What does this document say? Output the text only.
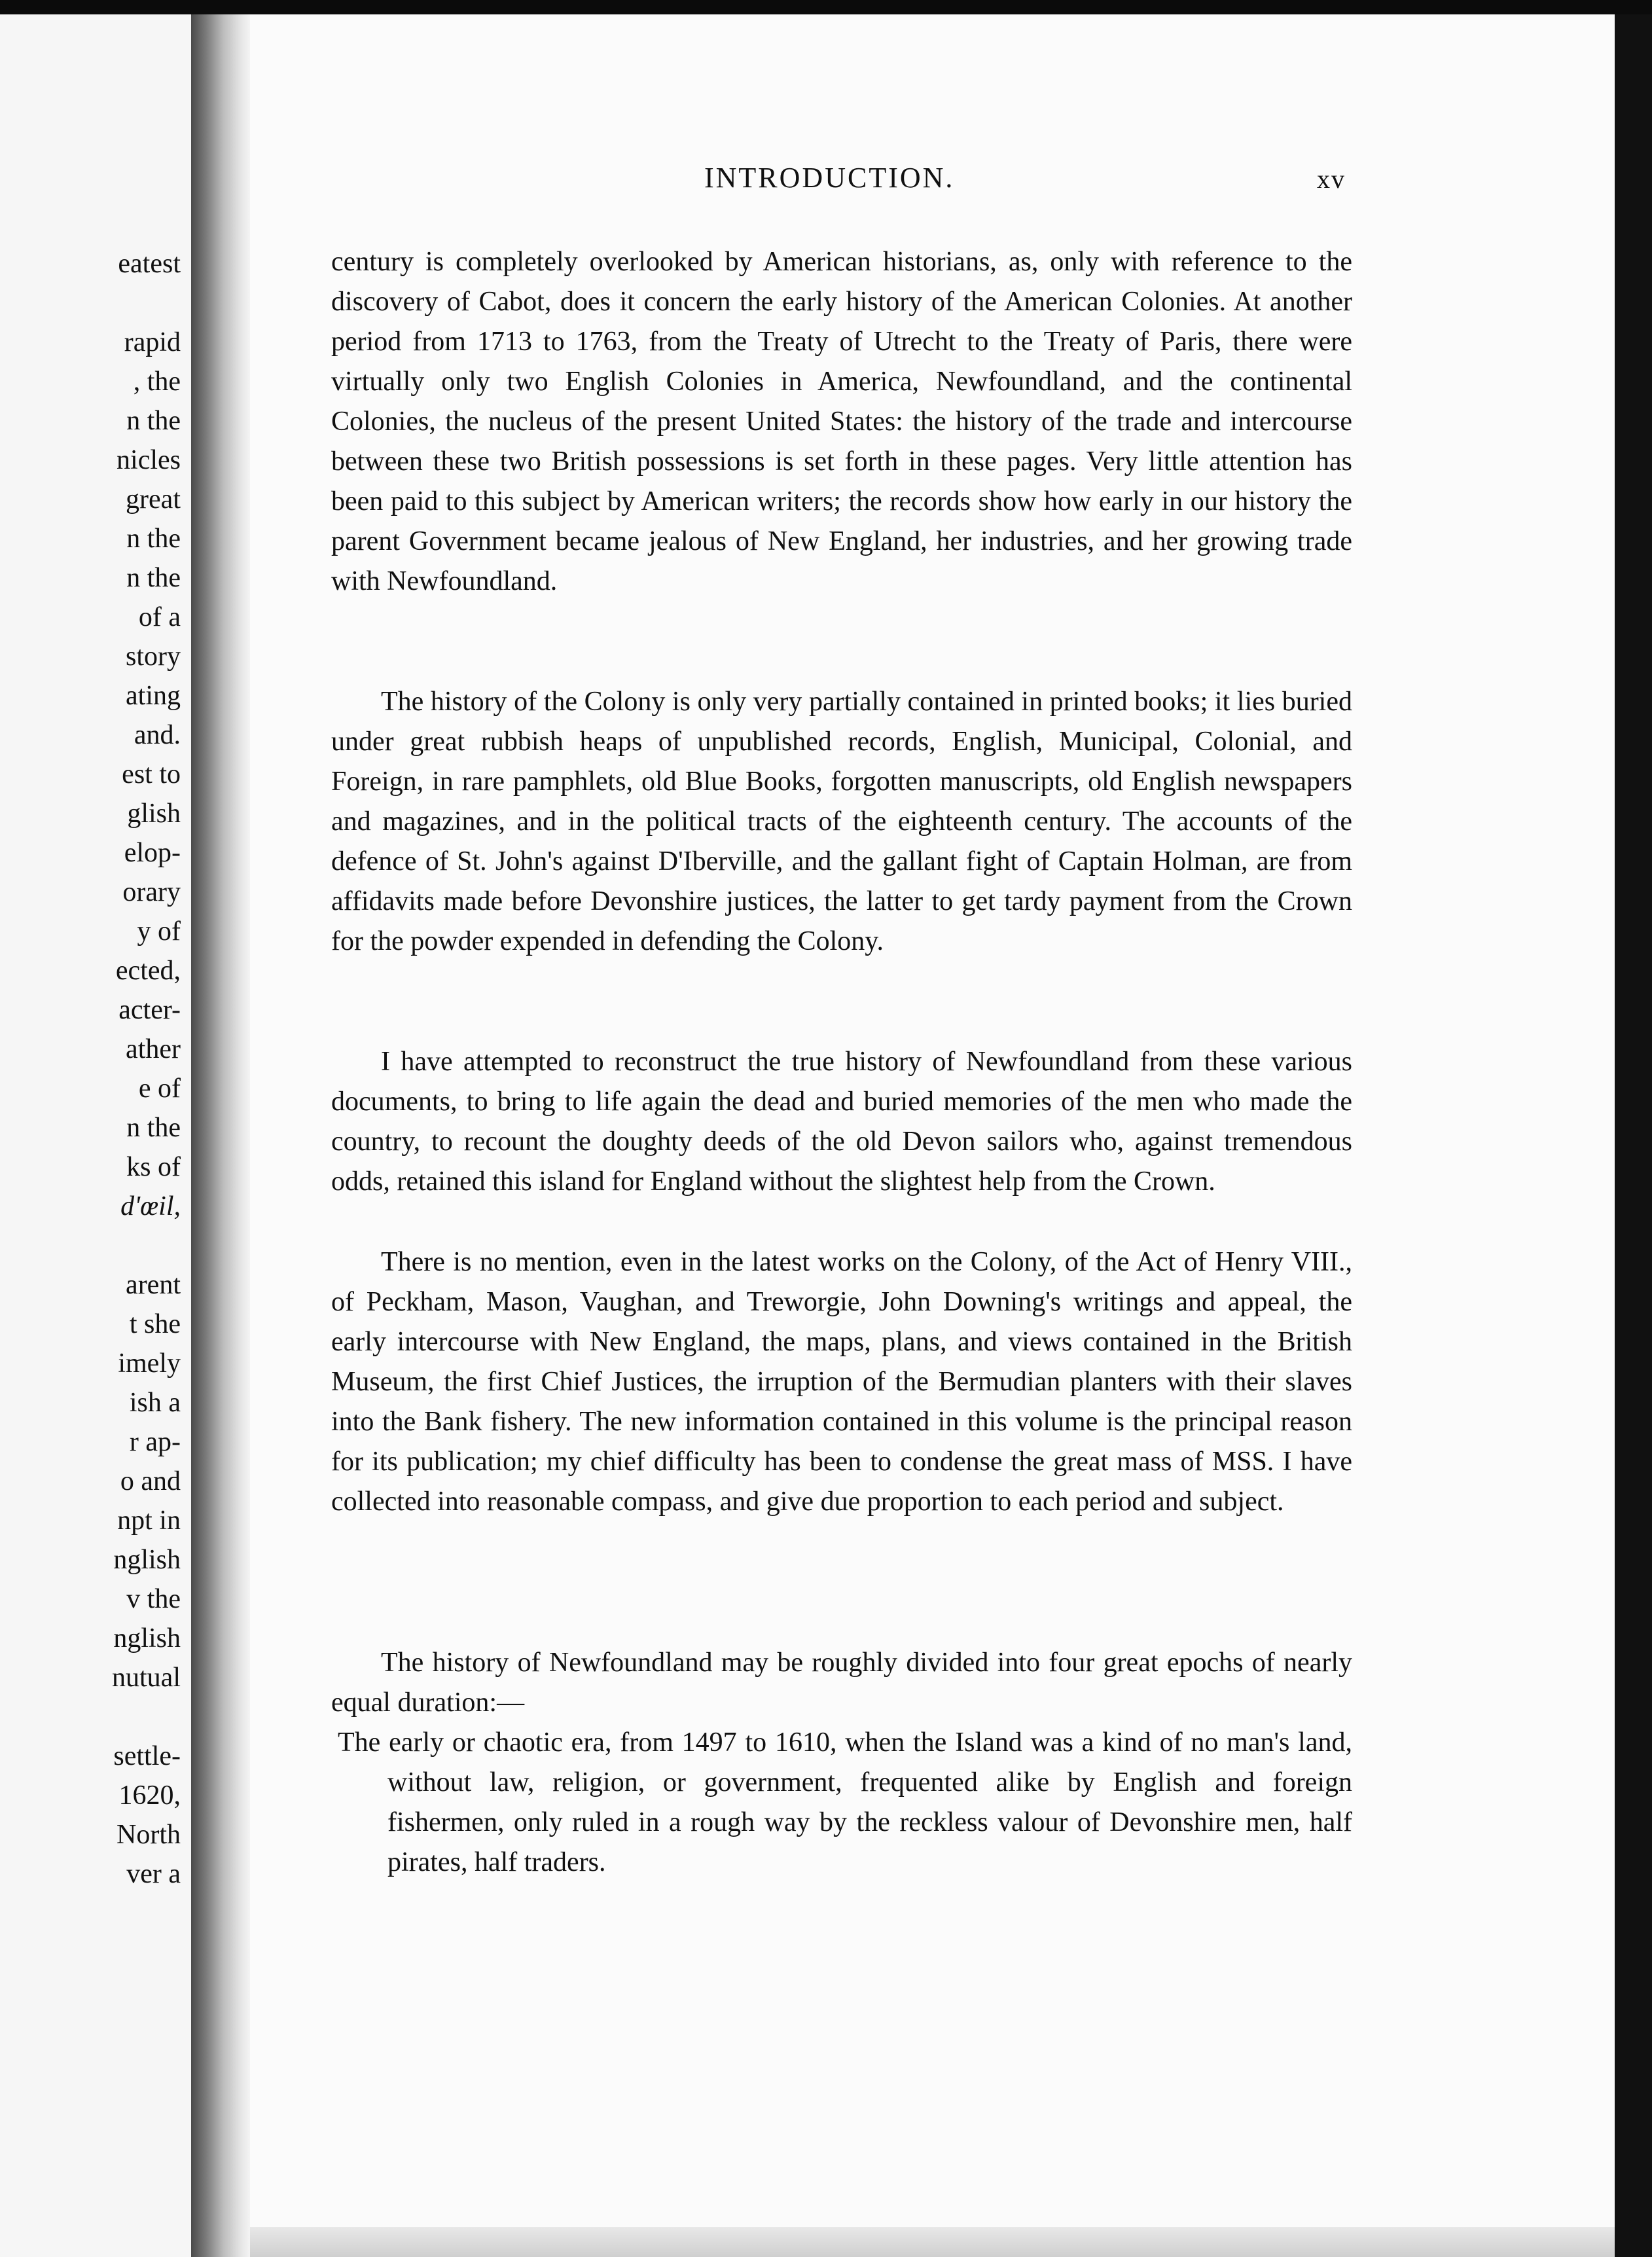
eatest
rapid
, the
n the
nicles
great
n the
n the
of a
story
ating
and.
est to
glish
elop-
orary
y of
ected,
acter-
ather
e of
n the
ks of
d'œil,
arent
t she
imely
ish a
r ap-
o and
npt in
nglish
v the
nglish
nutual
settle-
1620,
North
ver a
INTRODUCTION.	xv

century is completely overlooked by American historians, as, only with reference to the discovery of Cabot, does it concern the early history of the American Colonies. At another period from 1713 to 1763, from the Treaty of Utrecht to the Treaty of Paris, there were virtually only two English Colonies in America, Newfoundland, and the continental Colonies, the nucleus of the present United States: the history of the trade and intercourse between these two British possessions is set forth in these pages. Very little attention has been paid to this subject by American writers; the records show how early in our history the parent Government became jealous of New England, her industries, and her growing trade with Newfoundland.

The history of the Colony is only very partially contained in printed books; it lies buried under great rubbish heaps of unpublished records, English, Municipal, Colonial, and Foreign, in rare pamphlets, old Blue Books, forgotten manuscripts, old English newspapers and magazines, and in the political tracts of the eighteenth century. The accounts of the defence of St. John's against D'Iberville, and the gallant fight of Captain Holman, are from affidavits made before Devonshire justices, the latter to get tardy payment from the Crown for the powder expended in defending the Colony.

I have attempted to reconstruct the true history of Newfoundland from these various documents, to bring to life again the dead and buried memories of the men who made the country, to recount the doughty deeds of the old Devon sailors who, against tremendous odds, retained this island for England without the slightest help from the Crown.

There is no mention, even in the latest works on the Colony, of the Act of Henry VIII., of Peckham, Mason, Vaughan, and Treworgie, John Downing's writings and appeal, the early intercourse with New England, the maps, plans, and views contained in the British Museum, the first Chief Justices, the irruption of the Bermudian planters with their slaves into the Bank fishery. The new information contained in this volume is the principal reason for its publication; my chief difficulty has been to condense the great mass of MSS. I have collected into reasonable compass, and give due proportion to each period and subject.

The history of Newfoundland may be roughly divided into four great epochs of nearly equal duration:—

The early or chaotic era, from 1497 to 1610, when the Island was a kind of no man's land, without law, religion, or government, frequented alike by English and foreign fishermen, only ruled in a rough way by the reckless valour of Devonshire men, half pirates, half traders.
